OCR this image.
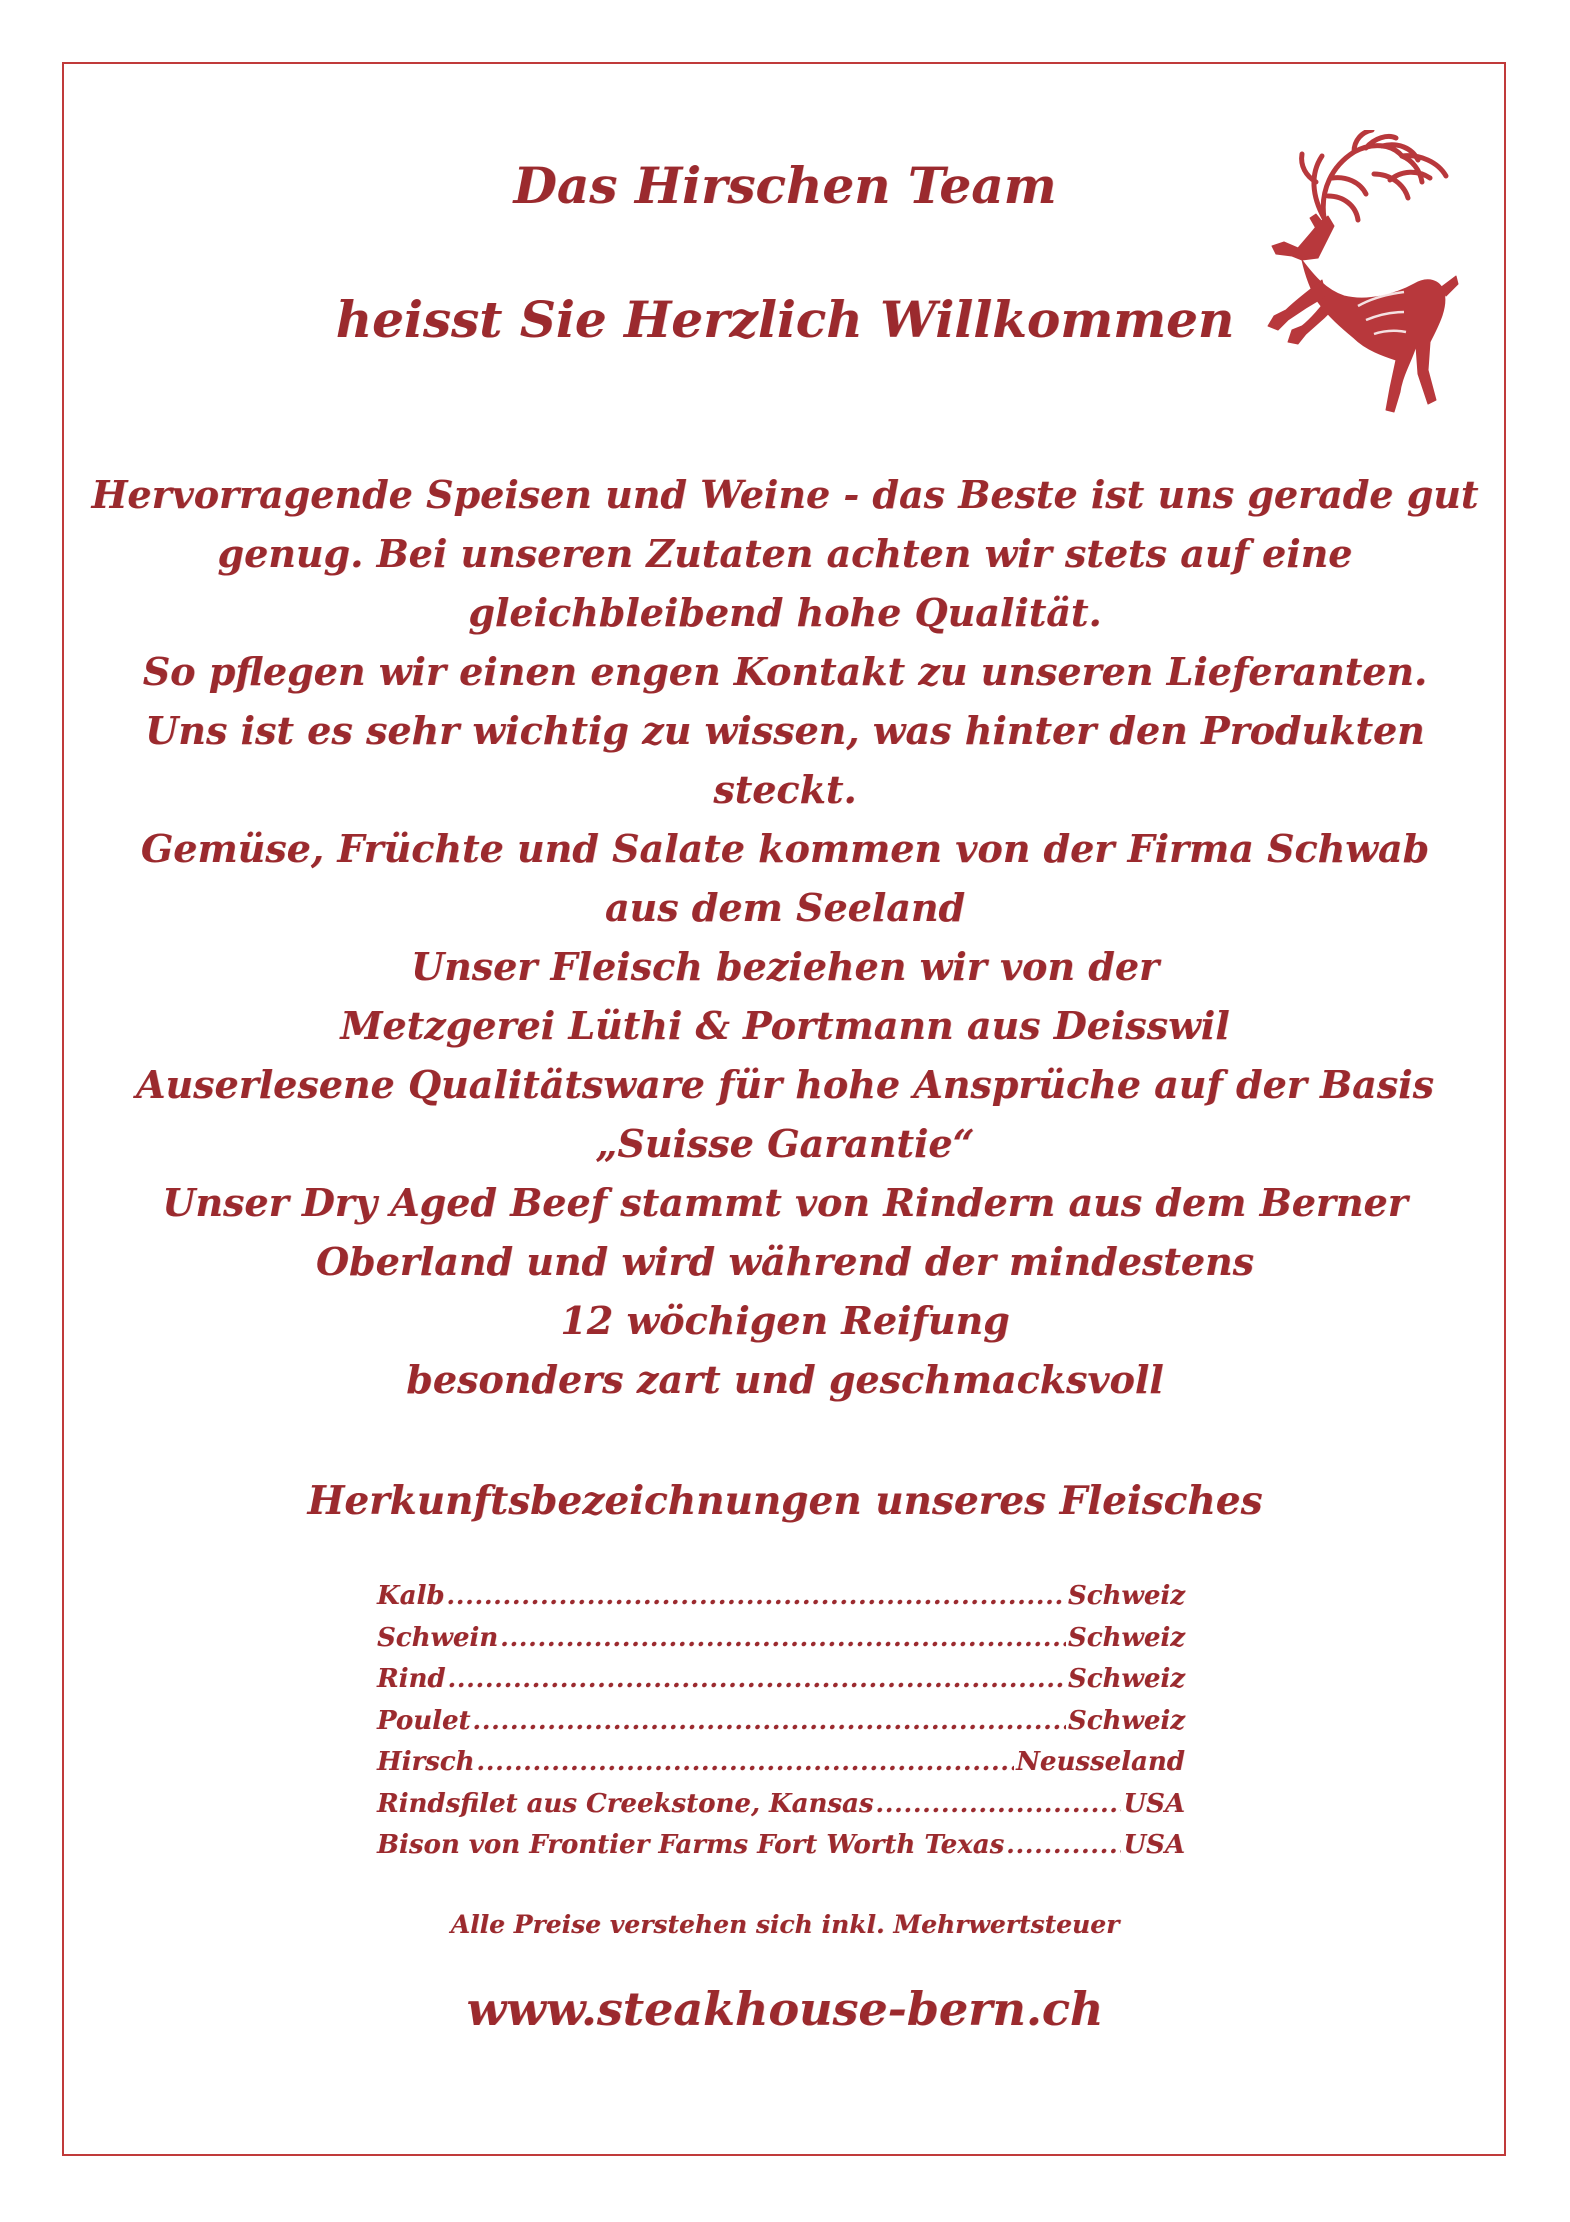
Das Hirschen Team
heisst Sie Herzlich Willkommen
Hervorragende Speisen und Weine - das Beste ist uns gerade gut
genug. Bei unseren Zutaten achten wir stets auf eine
gleichbleibend hohe Qualität.
So pflegen wir einen engen Kontakt zu unseren Lieferanten.
Uns ist es sehr wichtig zu wissen, was hinter den Produkten
steckt.
Gemüse, Früchte und Salate kommen von der Firma Schwab
aus dem Seeland
Unser Fleisch beziehen wir von der
Metzgerei Lüthi & Portmann aus Deisswil
Auserlesene Qualitätsware für hohe Ansprüche auf der Basis
„Suisse Garantie“
Unser Dry Aged Beef stammt von Rindern aus dem Berner
Oberland und wird während der mindestens
12 wöchigen Reifung
besonders zart und geschmacksvoll
Herkunftsbezeichnungen unseres Fleisches
Kalb .....	Schweiz
Schwein .....	Schweiz
Rind .....	Schweiz
Poulet .....	Schweiz
Hirsch .....	Neusseland
Rindsfilet aus Creekstone, Kansas .....	USA
Bison von Frontier Farms Fort Worth Texas .....	USA
Alle Preise verstehen sich inkl. Mehrwertsteuer
www.steakhouse-bern.ch
